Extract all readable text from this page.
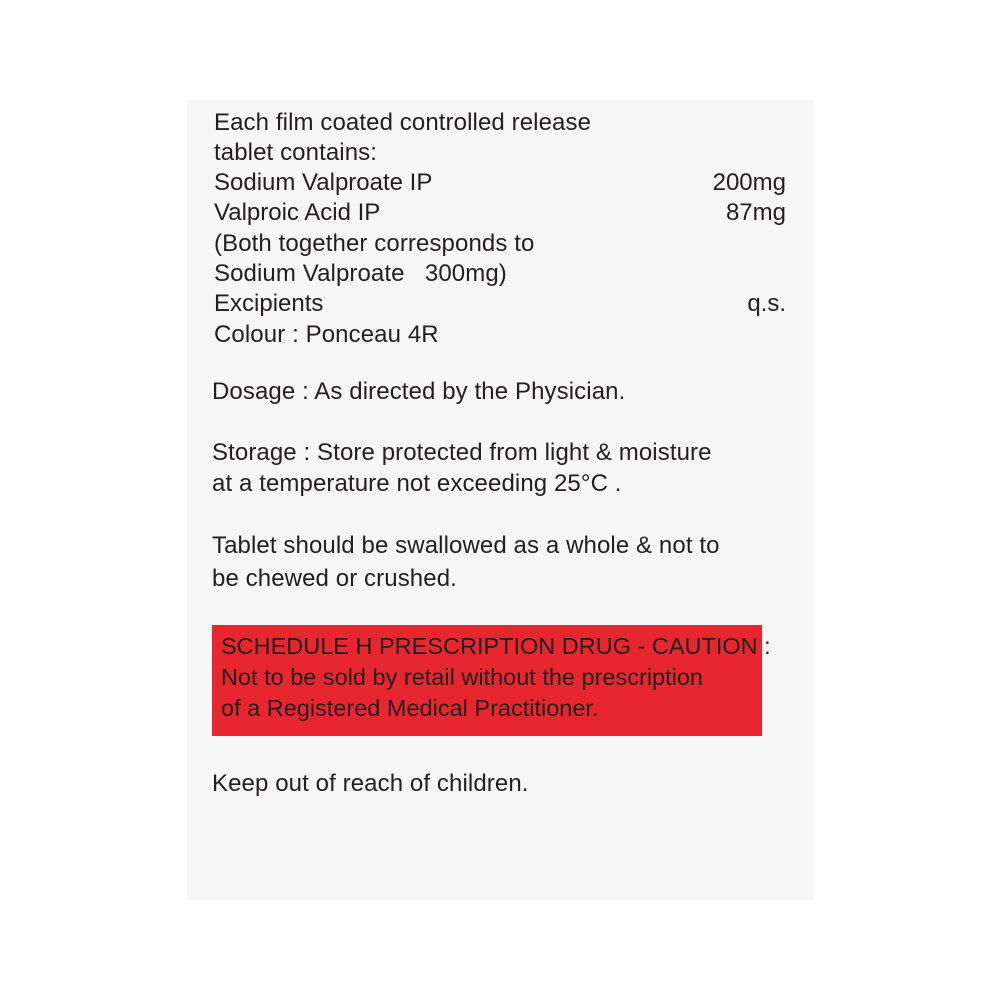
Each film coated controlled release
tablet contains:
Sodium Valproate IP	200mg
Valproic Acid IP	87mg
(Both together corresponds to
Sodium Valproate   300mg)
Excipients	q.s.
Colour : Ponceau 4R
Dosage : As directed by the Physician.
Storage : Store protected from light & moisture
at a temperature not exceeding 25°C .
Tablet should be swallowed as a whole & not to
be chewed or crushed.
SCHEDULE H PRESCRIPTION DRUG - CAUTION :
Not to be sold by retail without the prescription
of a Registered Medical Practitioner.
Keep out of reach of children.
